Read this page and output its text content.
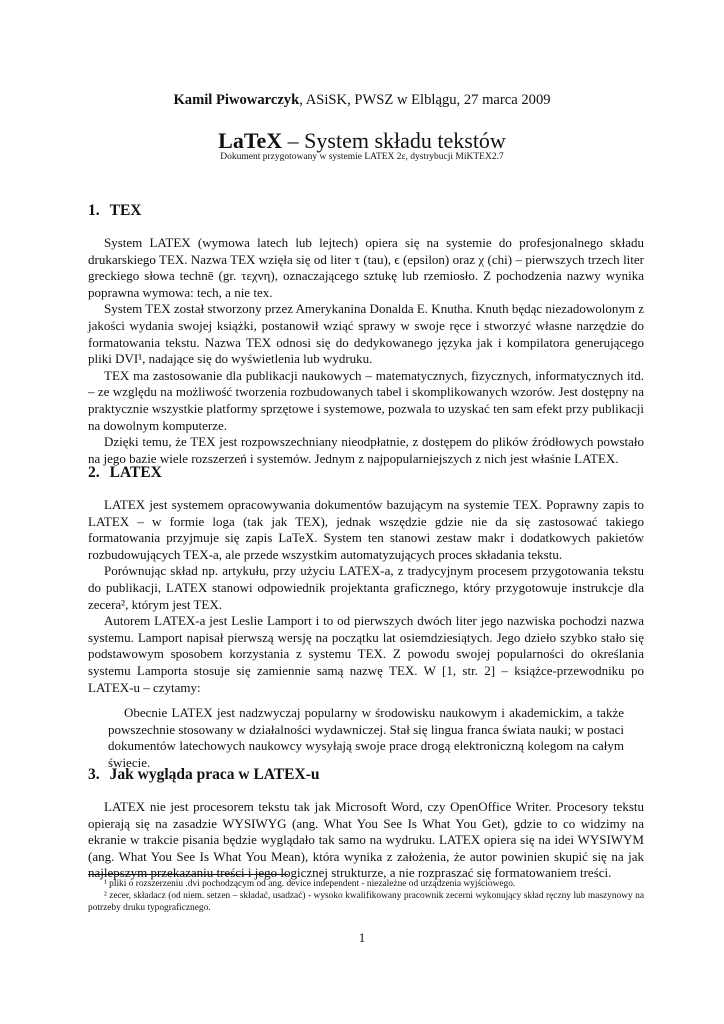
Kamil Piwowarczyk, ASiSK, PWSZ w Elblągu, 27 marca 2009
LaTeX – System składu tekstów
Dokument przygotowany w systemie LATEX 2ε, dystrybucji MiKTEX2.7
1. TEX

System LATEX (wymowa latech lub lejtech) opiera się na systemie do profesjonalnego składu drukarskiego TEX. Nazwa TEX wzięła się od liter τ (tau), ϵ (epsilon) oraz χ (chi) – pierwszych trzech liter greckiego słowa technē (gr. τεχνη), oznaczającego sztukę lub rzemiosło. Z pochodzenia nazwy wynika poprawna wymowa: tech, a nie tex.

System TEX został stworzony przez Amerykanina Donalda E. Knutha. Knuth będąc niezadowolonym z jakości wydania swojej książki, postanowił wziąć sprawy w swoje ręce i stworzyć własne narzędzie do formatowania tekstu. Nazwa TEX odnosi się do dedykowanego języka jak i kompilatora generującego pliki DVI¹, nadające się do wyświetlenia lub wydruku.

TEX ma zastosowanie dla publikacji naukowych – matematycznych, fizycznych, informatycznych itd. – ze względu na możliwość tworzenia rozbudowanych tabel i skomplikowanych wzorów. Jest dostępny na praktycznie wszystkie platformy sprzętowe i systemowe, pozwala to uzyskać ten sam efekt przy publikacji na dowolnym komputerze.

Dzięki temu, że TEX jest rozpowszechniany nieodpłatnie, z dostępem do plików źródłowych powstało na jego bazie wiele rozszerzeń i systemów. Jednym z najpopularniejszych z nich jest właśnie LATEX.

2. LATEX

LATEX jest systemem opracowywania dokumentów bazującym na systemie TEX. Poprawny zapis to LATEX – w formie loga (tak jak TEX), jednak wszędzie gdzie nie da się zastosować takiego formatowania przyjmuje się zapis LaTeX. System ten stanowi zestaw makr i dodatkowych pakietów rozbudowujących TEX-a, ale przede wszystkim automatyzujących proces składania tekstu.

Porównując skład np. artykułu, przy użyciu LATEX-a, z tradycyjnym procesem przygotowania tekstu do publikacji, LATEX stanowi odpowiednik projektanta graficznego, który przygotowuje instrukcje dla zecera², którym jest TEX.

Autorem LATEX-a jest Leslie Lamport i to od pierwszych dwóch liter jego nazwiska pochodzi nazwa systemu. Lamport napisał pierwszą wersję na początku lat osiemdziesiątych. Jego dzieło szybko stało się podstawowym sposobem korzystania z systemu TEX. Z powodu swojej popularności do określania systemu Lamporta stosuje się zamiennie samą nazwę TEX. W [1, str. 2] – książce-przewodniku po LATEX-u – czytamy:

Obecnie LATEX jest nadzwyczaj popularny w środowisku naukowym i akademickim, a także powszechnie stosowany w działalności wydawniczej. Stał się lingua franca świata nauki; w postaci dokumentów latechowych naukowcy wysyłają swoje prace drogą elektroniczną kolegom na całym świecie.

3. Jak wygląda praca w LATEX-u

LATEX nie jest procesorem tekstu tak jak Microsoft Word, czy OpenOffice Writer. Procesory tekstu opierają się na zasadzie WYSIWYG (ang. What You See Is What You Get), gdzie to co widzimy na ekranie w trakcie pisania będzie wyglądało tak samo na wydruku. LATEX opiera się na idei WYSIWYM (ang. What You See Is What You Mean), która wynika z założenia, że autor powinien skupić się na jak najlepszym przekazaniu treści i jego logicznej strukturze, a nie rozpraszać się formatowaniem treści.

¹ pliki o rozszerzeniu .dvi pochodzącym od ang. device independent - niezależne od urządzenia wyjściowego.

² zecer, składacz (od niem. setzen – składać, usadzać) - wysoko kwalifikowany pracownik zecerni wykonujący skład ręczny lub maszynowy na potrzeby druku typograficznego.

1
